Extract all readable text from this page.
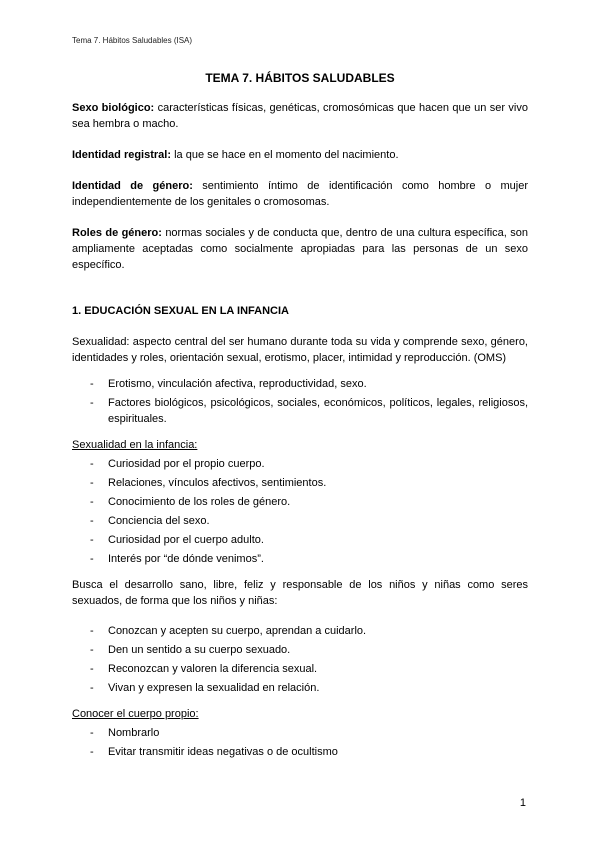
Tema 7. Hábitos Saludables (ISA)
TEMA 7. HÁBITOS SALUDABLES

Sexo biológico: características físicas, genéticas, cromosómicas que hacen que un ser vivo sea hembra o macho.

Identidad registral: la que se hace en el momento del nacimiento.

Identidad de género: sentimiento íntimo de identificación como hombre o mujer independientemente de los genitales o cromosomas.

Roles de género: normas sociales y de conducta que, dentro de una cultura específica, son ampliamente aceptadas como socialmente apropiadas para las personas de un sexo específico.

1. EDUCACIÓN SEXUAL EN LA INFANCIA

Sexualidad: aspecto central del ser humano durante toda su vida y comprende sexo, género, identidades y roles, orientación sexual, erotismo, placer, intimidad y reproducción. (OMS)

- Erotismo, vinculación afectiva, reproductividad, sexo.
- Factores biológicos, psicológicos, sociales, económicos, políticos, legales, religiosos, espirituales.
Sexualidad en la infancia:
- Curiosidad por el propio cuerpo.
- Relaciones, vínculos afectivos, sentimientos.
- Conocimiento de los roles de género.
- Conciencia del sexo.
- Curiosidad por el cuerpo adulto.
- Interés por “de dónde venimos”.

Busca el desarrollo sano, libre, feliz y responsable de los niños y niñas como seres sexuados, de forma que los niños y niñas:

- Conozcan y acepten su cuerpo, aprendan a cuidarlo.
- Den un sentido a su cuerpo sexuado.
- Reconozcan y valoren la diferencia sexual.
- Vivan y expresen la sexualidad en relación.
Conocer el cuerpo propio:
- Nombrarlo
- Evitar transmitir ideas negativas o de ocultismo
1
